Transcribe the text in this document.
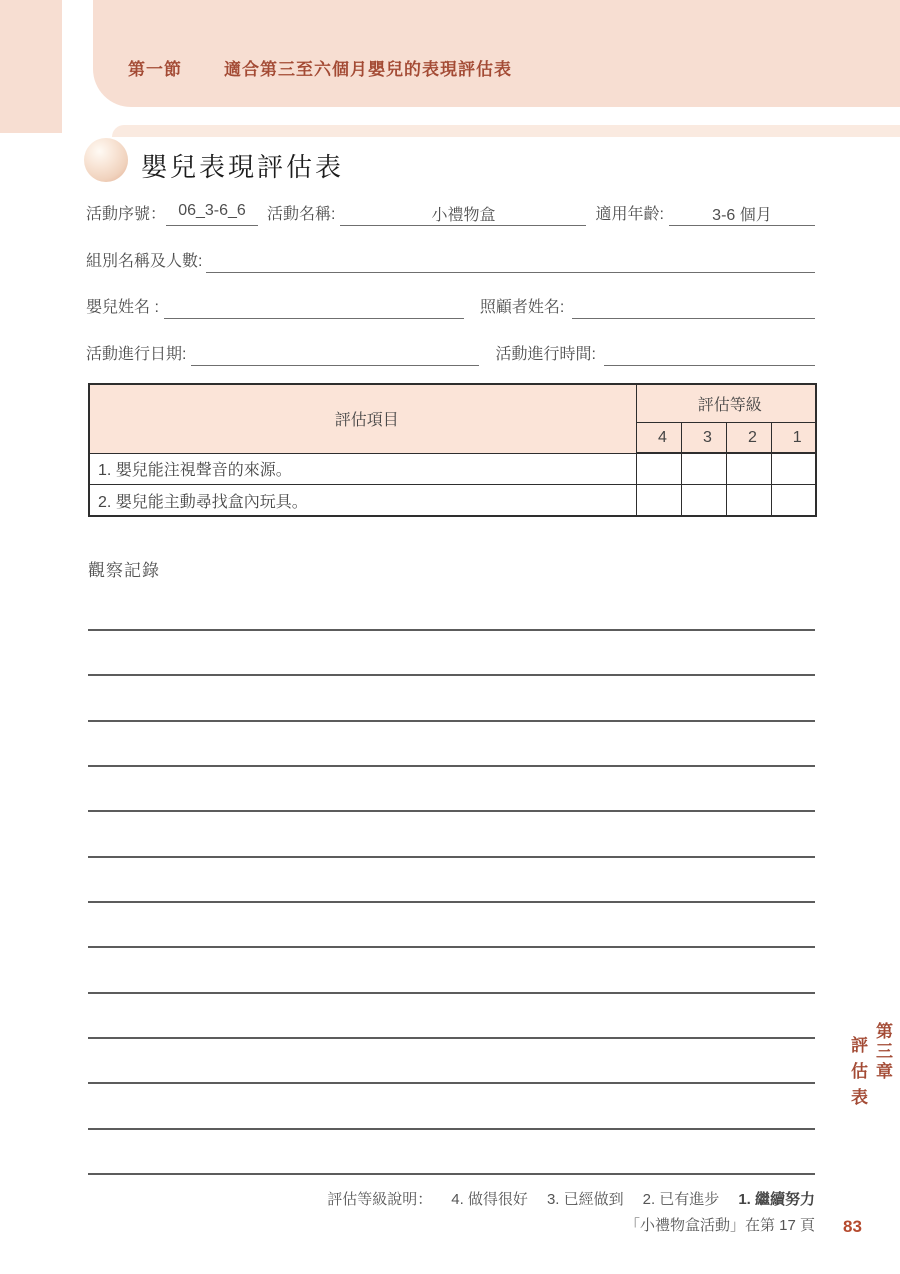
第一節 適合第三至六個月嬰兒的表現評估表
嬰兒表現評估表
活動序號： 06_3-6_6	活動名稱:	小禮物盒	適用年齡:	3-6 個月
組別名稱及人數:
嬰兒姓名 :	照顧者姓名:
活動進行日期:	活動進行時間:
評估項目	評估等級			
	4	3	2	1
1. 嬰兒能注視聲音的來源。				
2. 嬰兒能主動尋找盒內玩具。				
觀察記錄
評估等級說明： 4. 做得很好 3. 已經做到 2. 已有進步 1. 繼續努力
「小禮物盒活動」在第 17 頁
第三章
評估表
83
